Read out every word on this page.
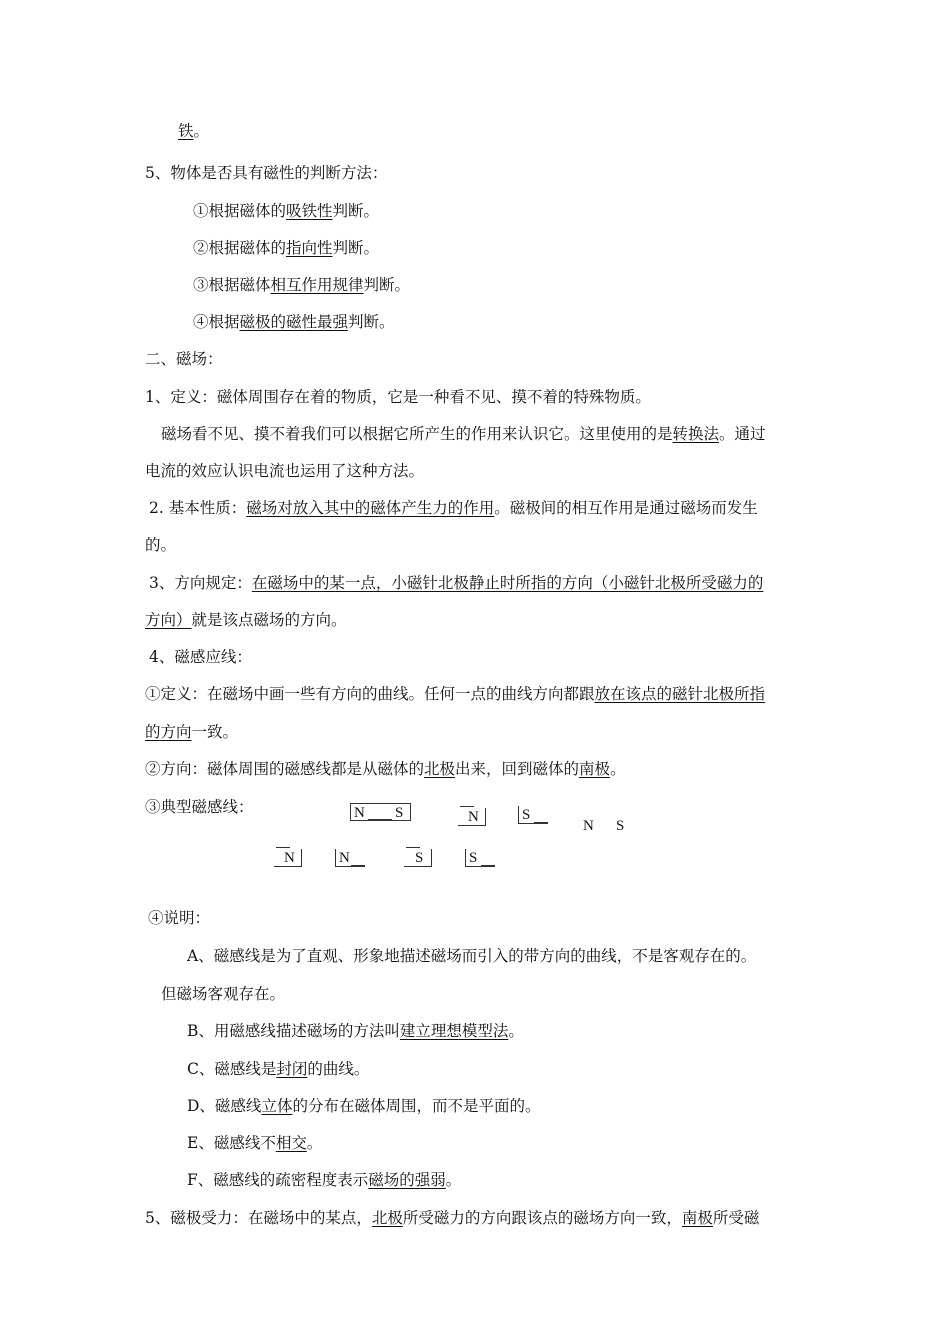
铁。
5、物体是否具有磁性的判断方法：
①根据磁体的吸铁性判断。
②根据磁体的指向性判断。
③根据磁体相互作用规律判断。
④根据磁极的磁性最强判断。
二、磁场：
1、定义：磁体周围存在着的物质，它是一种看不见、摸不着的特殊物质。
磁场看不见、摸不着我们可以根据它所产生的作用来认识它。这里使用的是转换法。通过
电流的效应认识电流也运用了这种方法。
2. 基本性质：磁场对放入其中的磁体产生力的作用。磁极间的相互作用是通过磁场而发生
的。
3、方向规定：在磁场中的某一点，小磁针北极静止时所指的方向（小磁针北极所受磁力的
方向）就是该点磁场的方向。
4、磁感应线：
①定义：在磁场中画一些有方向的曲线。任何一点的曲线方向都跟放在该点的磁针北极所指
的方向一致。
②方向：磁体周围的磁感线都是从磁体的北极出来，回到磁体的南极。
③典型磁感线：	N S	N	S
N S
N	N	S	S
④说明：
A、磁感线是为了直观、形象地描述磁场而引入的带方向的曲线，不是客观存在的。
但磁场客观存在。
B、用磁感线描述磁场的方法叫建立理想模型法。
C、磁感线是封闭的曲线。
D、磁感线立体的分布在磁体周围，而不是平面的。
E、磁感线不相交。
F、磁感线的疏密程度表示磁场的强弱。
5、磁极受力：在磁场中的某点，北极所受磁力的方向跟该点的磁场方向一致，南极所受磁
